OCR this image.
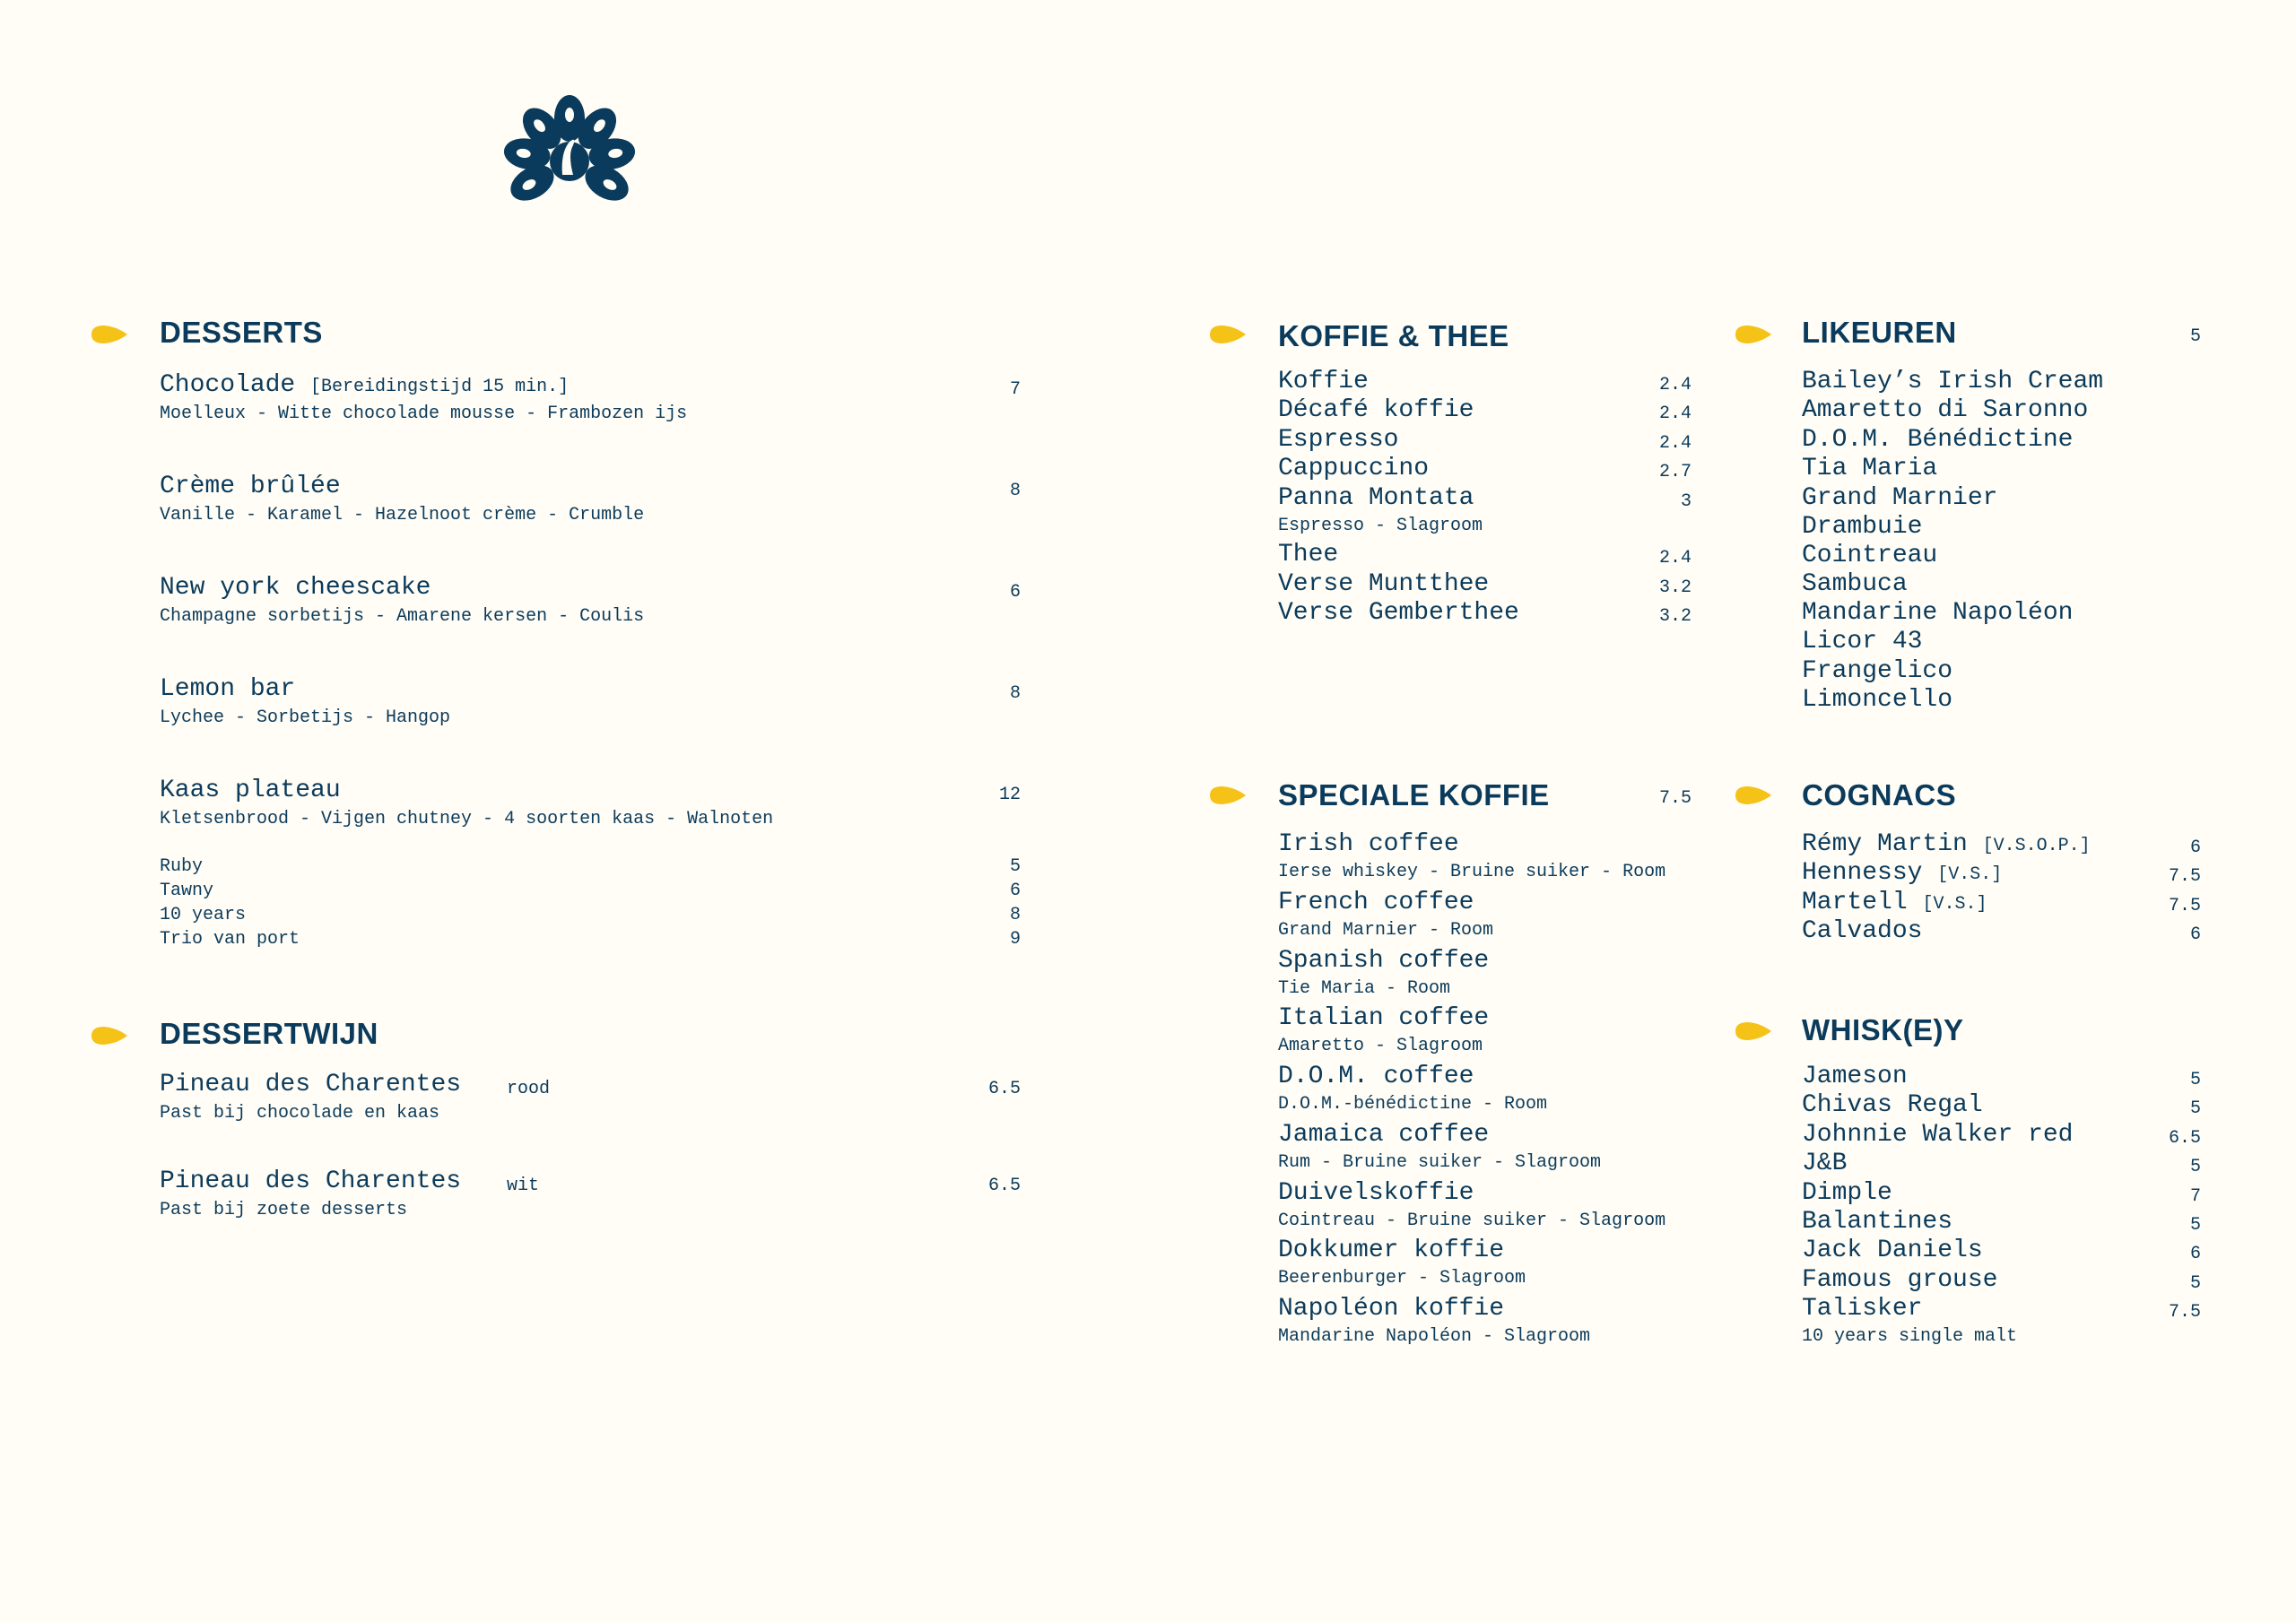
DESSERTS
Chocolade [Bereidingstijd 15 min.]
Moelleux - Witte chocolade mousse - Frambozen ijs
7
Crème brûlée
Vanille - Karamel - Hazelnoot crème - Crumble
8
New york cheescake
Champagne sorbetijs - Amarene kersen - Coulis
6
Lemon bar
Lychee - Sorbetijs - Hangop
8
Kaas plateau
Kletsenbrood - Vijgen chutney - 4 soorten kaas - Walnoten
12
Ruby	5
Tawny	6
10 years	8
Trio van port	9
DESSERTWIJN
Pineau des Charentes	rood
Past bij chocolade en kaas
6.5
Pineau des Charentes	wit
Past bij zoete desserts
6.5
KOFFIE & THEE
Koffie	2.4
Décafé koffie	2.4
Espresso	2.4
Cappuccino	2.7
Panna Montata	3
Espresso - Slagroom
Thee	2.4
Verse Muntthee	3.2
Verse Gemberthee	3.2
SPECIALE KOFFIE	7.5
Irish coffee
Ierse whiskey - Bruine suiker - Room
French coffee
Grand Marnier - Room
Spanish coffee
Tie Maria - Room
Italian coffee
Amaretto - Slagroom
D.O.M. coffee
D.O.M.-bénédictine - Room
Jamaica coffee
Rum - Bruine suiker - Slagroom
Duivelskoffie
Cointreau - Bruine suiker - Slagroom
Dokkumer koffie
Beerenburger - Slagroom
Napoléon koffie
Mandarine Napoléon - Slagroom
LIKEUREN	5
Bailey’s Irish Cream
Amaretto di Saronno
D.O.M. Bénédictine
Tia Maria
Grand Marnier
Drambuie
Cointreau
Sambuca
Mandarine Napoléon
Licor 43
Frangelico
Limoncello
COGNACS
Rémy Martin [V.S.O.P.]	6
Hennessy [V.S.]	7.5
Martell [V.S.]	7.5
Calvados	6
WHISK(E)Y
Jameson	5
Chivas Regal	5
Johnnie Walker red	6.5
J&B	5
Dimple	7
Balantines	5
Jack Daniels	6
Famous grouse	5
Talisker	7.5
10 years single malt
